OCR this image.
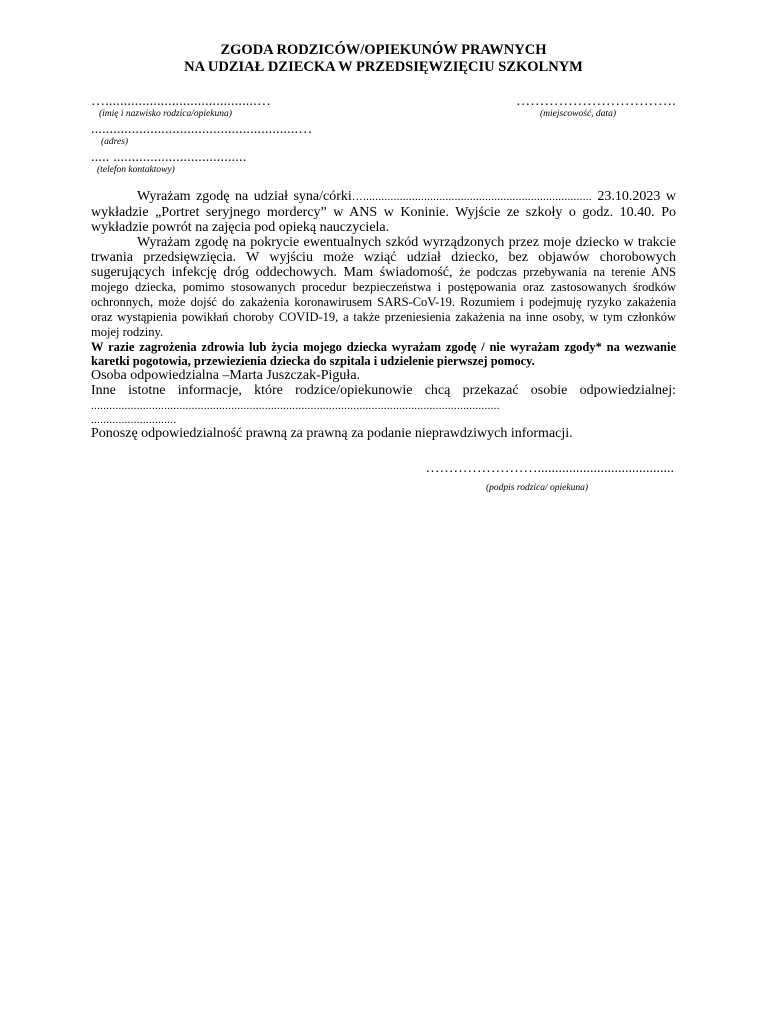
ZGODA RODZICÓW/OPIEKUNÓW PRAWNYCH
NA UDZIAŁ DZIECKA W PRZEDSIĘWZIĘCIU SZKOLNYM
….........................................…
(imię i nazwisko rodzica/opiekuna)
…………………………….
(miejscowość, data)
........................................................…
(adres)
..... ....................................
(telefon kontaktowy)

Wyrażam zgodę na udział syna/córki…........................................................................... 23.10.2023 w wykładzie „Portret seryjnego mordercy” w ANS w Koninie. Wyjście ze szkoły o godz. 10.40. Po wykładzie powrót na zajęcia pod opieką nauczyciela.

Wyrażam zgodę na pokrycie ewentualnych szkód wyrządzonych przez moje dziecko w trakcie trwania przedsięwzięcia. W wyjściu może wziąć udział dziecko, bez objawów chorobowych sugerujących infekcję dróg oddechowych. Mam świadomość, że podczas przebywania na terenie ANS mojego dziecka, pomimo stosowanych procedur bezpieczeństwa i postępowania oraz zastosowanych środków ochronnych, może dojść do zakażenia koronawirusem SARS-CoV-19. Rozumiem i podejmuję ryzyko zakażenia oraz wystąpienia powikłań choroby COVID-19, a także przeniesienia zakażenia na inne osoby, w tym członków mojej rodziny.

W razie zagrożenia zdrowia lub życia mojego dziecka wyrażam zgodę / nie wyrażam zgody* na wezwanie karetki pogotowia, przewiezienia dziecka do szpitala i udzielenie pierwszej pomocy.

Osoba odpowiedzialna –Marta Juszczak-Piguła.

Inne istotne informacje, które rodzice/opiekunowie chcą przekazać osobie odpowiedzialnej: ......................................................................................................................................

............................

Ponoszę odpowiedzialność prawną za prawną za podanie nieprawdziwych informacji.

…………………….......................................
(podpis rodzica/ opiekuna)
